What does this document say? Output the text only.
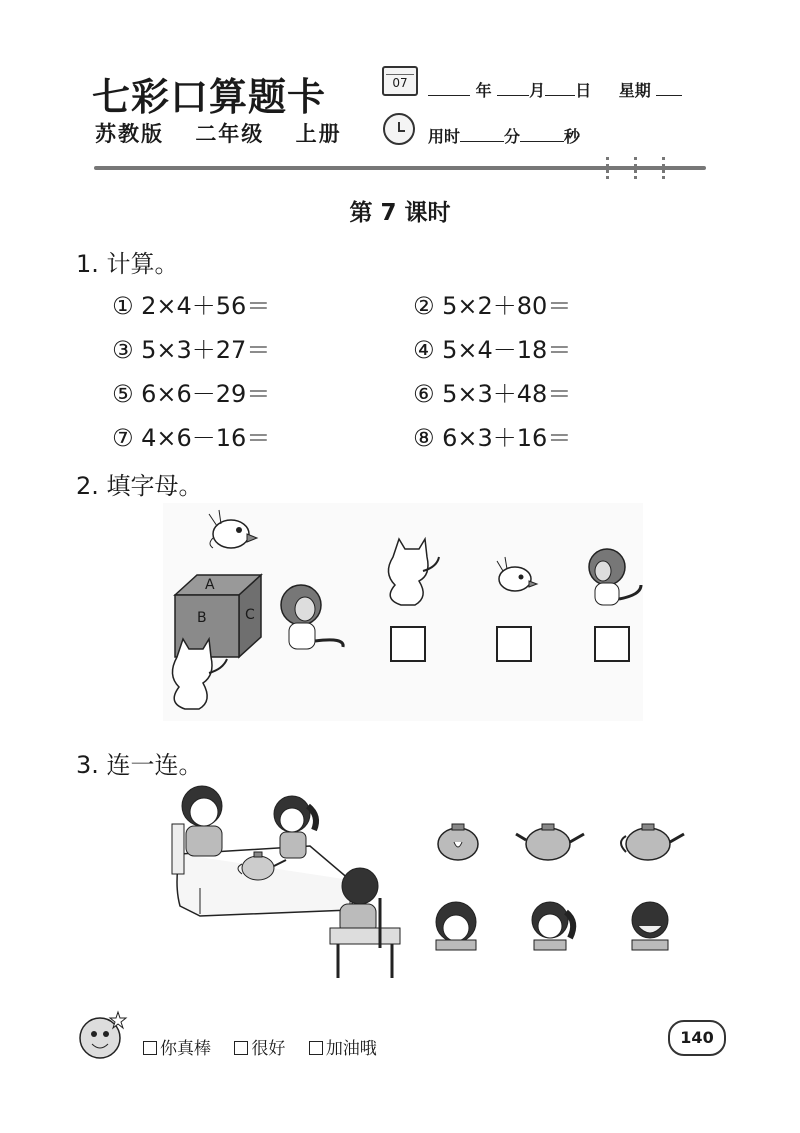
七彩口算题卡
苏教版 二年级 上册
07	年 月 日 星期
用时	分	秒
第 7 课时
1. 计算。
① 2×4＋56＝	② 5×2＋80＝
③ 5×3＋27＝	④ 5×4－18＝
⑤ 6×6－29＝	⑥ 5×3＋48＝
⑦ 4×6－16＝	⑧ 6×3＋16＝
2. 填字母。
A
B	C
3. 连一连。
你真棒 很好 加油哦
140
